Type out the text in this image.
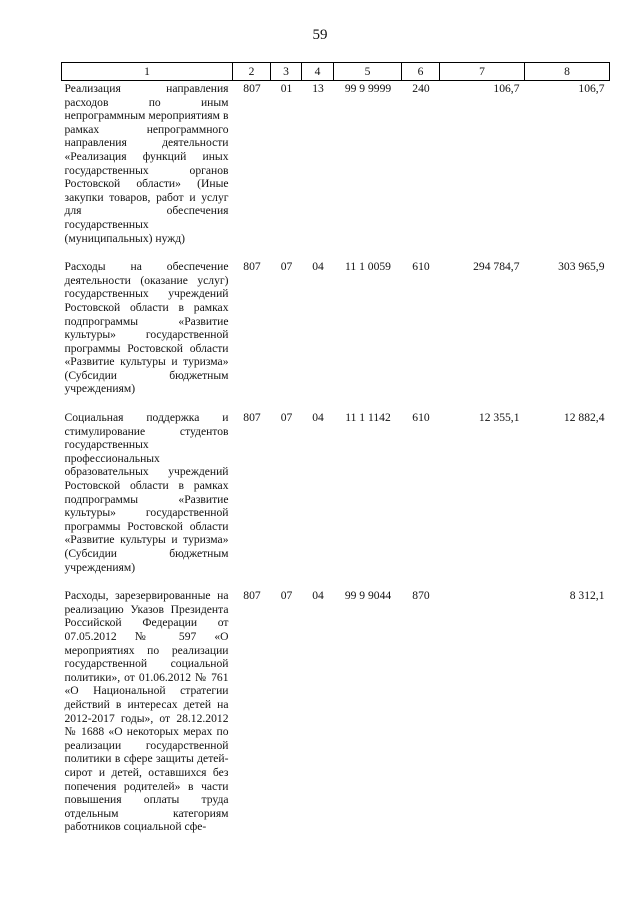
59
1	2	3	4	5	6	7	8
Реализация направления расходов по иным непрограммным мероприятиям в рамках непрограммного направления деятельности «Реализация функций иных государственных органов Ростовской области» (Иные закупки товаров, работ и услуг для обеспечения государственных (муниципальных) нужд)	807	01	13	99 9 9999	240	106,7	106,7
Расходы на обеспечение деятельности (оказание услуг) государственных учреждений Ростовской области в рамках подпрограммы «Развитие культуры» государственной программы Ростовской области «Развитие культуры и туризма» (Субсидии бюджетным учреждениям)	807	07	04	11 1 0059	610	294 784,7	303 965,9
Социальная поддержка и стимулирование студентов государственных профессиональных образовательных учреждений Ростовской области в рамках подпрограммы «Развитие культуры» государственной программы Ростовской области «Развитие культуры и туризма» (Субсидии бюджетным учреждениям)	807	07	04	11 1 1142	610	12 355,1	12 882,4
Расходы, зарезервированные на реализацию Указов Президента Российской Федерации от 07.05.2012 № 597 «О мероприятиях по реализации государственной социальной политики», от 01.06.2012 № 761 «О Национальной стратегии действий в интересах детей на 2012-2017 годы», от 28.12.2012 № 1688 «О некоторых мерах по реализации государственной политики в сфере защиты детей-сирот и детей, оставшихся без попечения родителей» в части повышения оплаты труда отдельным категориям работников социальной сфе-	807	07	04	99 9 9044	870		8 312,1
